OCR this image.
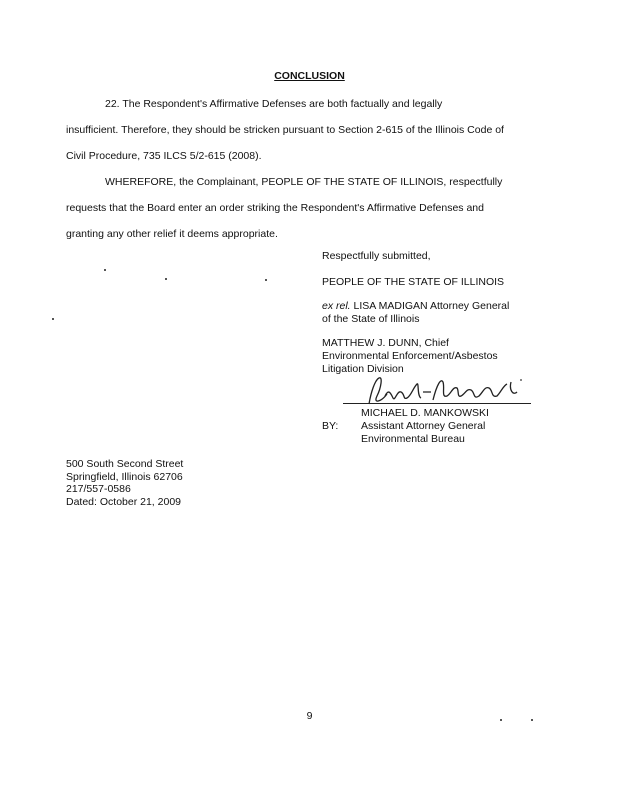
CONCLUSION
22. The Respondent's Affirmative Defenses are both factually and legally
insufficient. Therefore, they should be stricken pursuant to Section 2-615 of the Illinois Code of
Civil Procedure, 735 ILCS 5/2-615 (2008).
WHEREFORE, the Complainant, PEOPLE OF THE STATE OF ILLINOIS, respectfully
requests that the Board enter an order striking the Respondent's Affirmative Defenses and
granting any other relief it deems appropriate.
Respectfully submitted,
PEOPLE OF THE STATE OF ILLINOIS
ex rel. LISA MADIGAN Attorney General
of the State of Illinois
MATTHEW J. DUNN, Chief
Environmental Enforcement/Asbestos
Litigation Division
BY:
MICHAEL D. MANKOWSKI
Assistant Attorney General
Environmental Bureau
500 South Second Street
Springfield, Illinois 62706
217/557-0586
Dated: October 21, 2009
9
